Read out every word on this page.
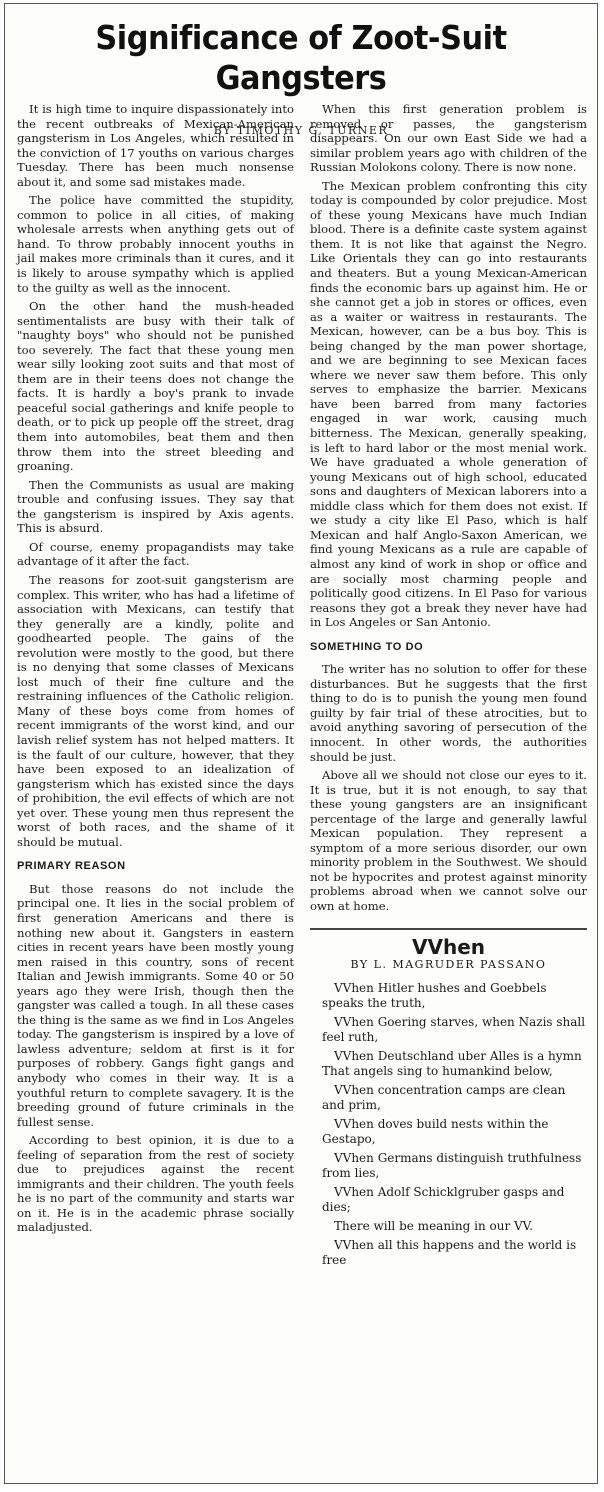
Significance of Zoot-Suit Gangsters
BY TIMOTHY G. TURNER

It is high time to inquire dispassionately into the recent outbreaks of Mexican-American gangsterism in Los Angeles, which resulted in the conviction of 17 youths on various charges Tuesday. There has been much nonsense about it, and some sad mistakes made.

The police have committed the stupidity, common to police in all cities, of making wholesale arrests when anything gets out of hand. To throw probably innocent youths in jail makes more criminals than it cures, and it is likely to arouse sympathy which is applied to the guilty as well as the innocent.

On the other hand the mush-headed sentimentalists are busy with their talk of "naughty boys" who should not be punished too severely. The fact that these young men wear silly looking zoot suits and that most of them are in their teens does not change the facts. It is hardly a boy's prank to invade peaceful social gatherings and knife people to death, or to pick up people off the street, drag them into automobiles, beat them and then throw them into the street bleeding and groaning.

Then the Communists as usual are making trouble and confusing issues. They say that the gangsterism is inspired by Axis agents. This is absurd.

Of course, enemy propagandists may take advantage of it after the fact.

The reasons for zoot-suit gangsterism are complex. This writer, who has had a lifetime of association with Mexicans, can testify that they generally are a kindly, polite and goodhearted people. The gains of the revolution were mostly to the good, but there is no denying that some classes of Mexicans lost much of their fine culture and the restraining influences of the Catholic religion. Many of these boys come from homes of recent immigrants of the worst kind, and our lavish relief system has not helped matters. It is the fault of our culture, however, that they have been exposed to an idealization of gangsterism which has existed since the days of prohibition, the evil effects of which are not yet over. These young men thus represent the worst of both races, and the shame of it should be mutual.

PRIMARY REASON

But those reasons do not include the principal one. It lies in the social problem of first generation Americans and there is nothing new about it. Gangsters in eastern cities in recent years have been mostly young men raised in this country, sons of recent Italian and Jewish immigrants. Some 40 or 50 years ago they were Irish, though then the gangster was called a tough. In all these cases the thing is the same as we find in Los Angeles today. The gangsterism is inspired by a love of lawless adventure; seldom at first is it for purposes of robbery. Gangs fight gangs and anybody who comes in their way. It is a youthful return to complete savagery. It is the breeding ground of future criminals in the fullest sense.

According to best opinion, it is due to a feeling of separation from the rest of society due to prejudices against the recent immigrants and their children. The youth feels he is no part of the community and starts war on it. He is in the academic phrase socially maladjusted.

When this first generation problem is removed or passes, the gangsterism disappears. On our own East Side we had a similar problem years ago with children of the Russian Molokons colony. There is now none.

The Mexican problem confronting this city today is compounded by color prejudice. Most of these young Mexicans have much Indian blood. There is a definite caste system against them. It is not like that against the Negro. Like Orientals they can go into restaurants and theaters. But a young Mexican-American finds the economic bars up against him. He or she cannot get a job in stores or offices, even as a waiter or waitress in restaurants. The Mexican, however, can be a bus boy. This is being changed by the man power shortage, and we are beginning to see Mexican faces where we never saw them before. This only serves to emphasize the barrier. Mexicans have been barred from many factories engaged in war work, causing much bitterness. The Mexican, generally speaking, is left to hard labor or the most menial work. We have graduated a whole generation of young Mexicans out of high school, educated sons and daughters of Mexican laborers into a middle class which for them does not exist. If we study a city like El Paso, which is half Mexican and half Anglo-Saxon American, we find young Mexicans as a rule are capable of almost any kind of work in shop or office and are socially most charming people and politically good citizens. In El Paso for various reasons they got a break they never have had in Los Angeles or San Antonio.

SOMETHING TO DO

The writer has no solution to offer for these disturbances. But he suggests that the first thing to do is to punish the young men found guilty by fair trial of these atrocities, but to avoid anything savoring of persecution of the innocent. In other words, the authorities should be just.

Above all we should not close our eyes to it. It is true, but it is not enough, to say that these young gangsters are an insignificant percentage of the large and generally lawful Mexican population. They represent a symptom of a more serious disorder, our own minority problem in the Southwest. We should not be hypocrites and protest against minority problems abroad when we cannot solve our own at home.

VVhen
BY L. MAGRUDER PASSANO

VVhen Hitler hushes and Goebbels speaks the truth,

VVhen Goering starves, when Nazis shall feel ruth,

VVhen Deutschland uber Alles is a hymn That angels sing to humankind below,

VVhen concentration camps are clean and prim,

VVhen doves build nests within the Gestapo,

VVhen Germans distinguish truthfulness from lies,

VVhen Adolf Schicklgruber gasps and dies;

There will be meaning in our VV.

VVhen all this happens and the world is free
